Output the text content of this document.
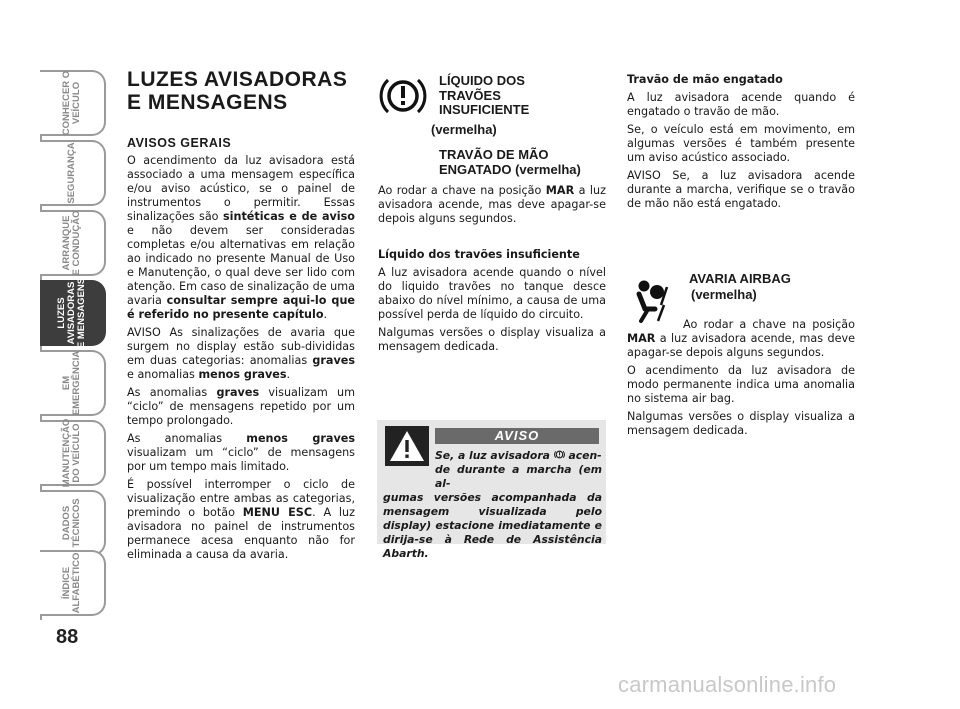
CONHECER O
VEÍCULO
SEGURANÇA
ARRANQUE
E CONDUÇÃO
LUZES
AVISADORAS
E MENSAGENS
EM
EMERGÊNCIA
MANUTENÇÃO
DO VEÍCULO
DADOS
TÉCNICOS
ÍNDICE
ALFABÉTICO
88
LUZES AVISADORAS
E MENSAGENS
AVISOS GERAIS

O acendimento da luz avisadora está associado a uma mensagem específica e/ou aviso acústico, se o painel de instrumentos o permitir. Essas sinalizações são sintéticas e de aviso e não devem ser consideradas completas e/ou alternativas em relação ao indicado no presente Manual de Uso e Manutenção, o qual deve ser lido com atenção. Em caso de sinalização de uma avaria consultar sempre aqui-lo que é referido no presente capítulo.

AVISO As sinalizações de avaria que surgem no display estão sub-divididas em duas categorias: anomalias graves e anomalias menos graves.

As anomalias graves visualizam um “ciclo” de mensagens repetido por um tempo prolongado.

As anomalias menos graves visualizam um “ciclo” de mensagens por um tempo mais limitado.

É possível interromper o ciclo de visualização entre ambas as categorias, premindo o botão MENU ESC. A luz avisadora no painel de instrumentos permanece acesa enquanto não for eliminada a causa da avaria.

LÍQUIDO DOS
TRAVÕES
INSUFICIENTE
(vermelha)
TRAVÃO DE MÃO
ENGATADO (vermelha)

Ao rodar a chave na posição MAR a luz avisadora acende, mas deve apagar-se depois alguns segundos.

Líquido dos travões insuficiente

A luz avisadora acende quando o nível do liquido travões no tanque desce abaixo do nível mínimo, a causa de uma possível perda de líquido do circuito.

Nalgumas versões o display visualiza a mensagem dedicada.

AVISO
Se, a luz avisadora  acen-
de durante a marcha (em al-
gumas versões acompanhada da mensagem visualizada pelo display) estacione imediatamente e dirija-se à Rede de Assistência Abarth.

Travão de mão engatado

A luz avisadora acende quando é engatado o travão de mão.

Se, o veículo está em movimento, em algumas versões é também presente um aviso acústico associado.

AVISO Se, a luz avisadora acende durante a marcha, verifique se o travão de mão não está engatado.

AVARIA AIRBAG
(vermelha)

Ao rodar a chave na posição MAR a luz avisadora acende, mas deve apagar-se depois alguns segundos.

O acendimento da luz avisadora de modo permanente indica uma anomalia no sistema air bag.

Nalgumas versões o display visualiza a mensagem dedicada.

carmanualsonline.info
